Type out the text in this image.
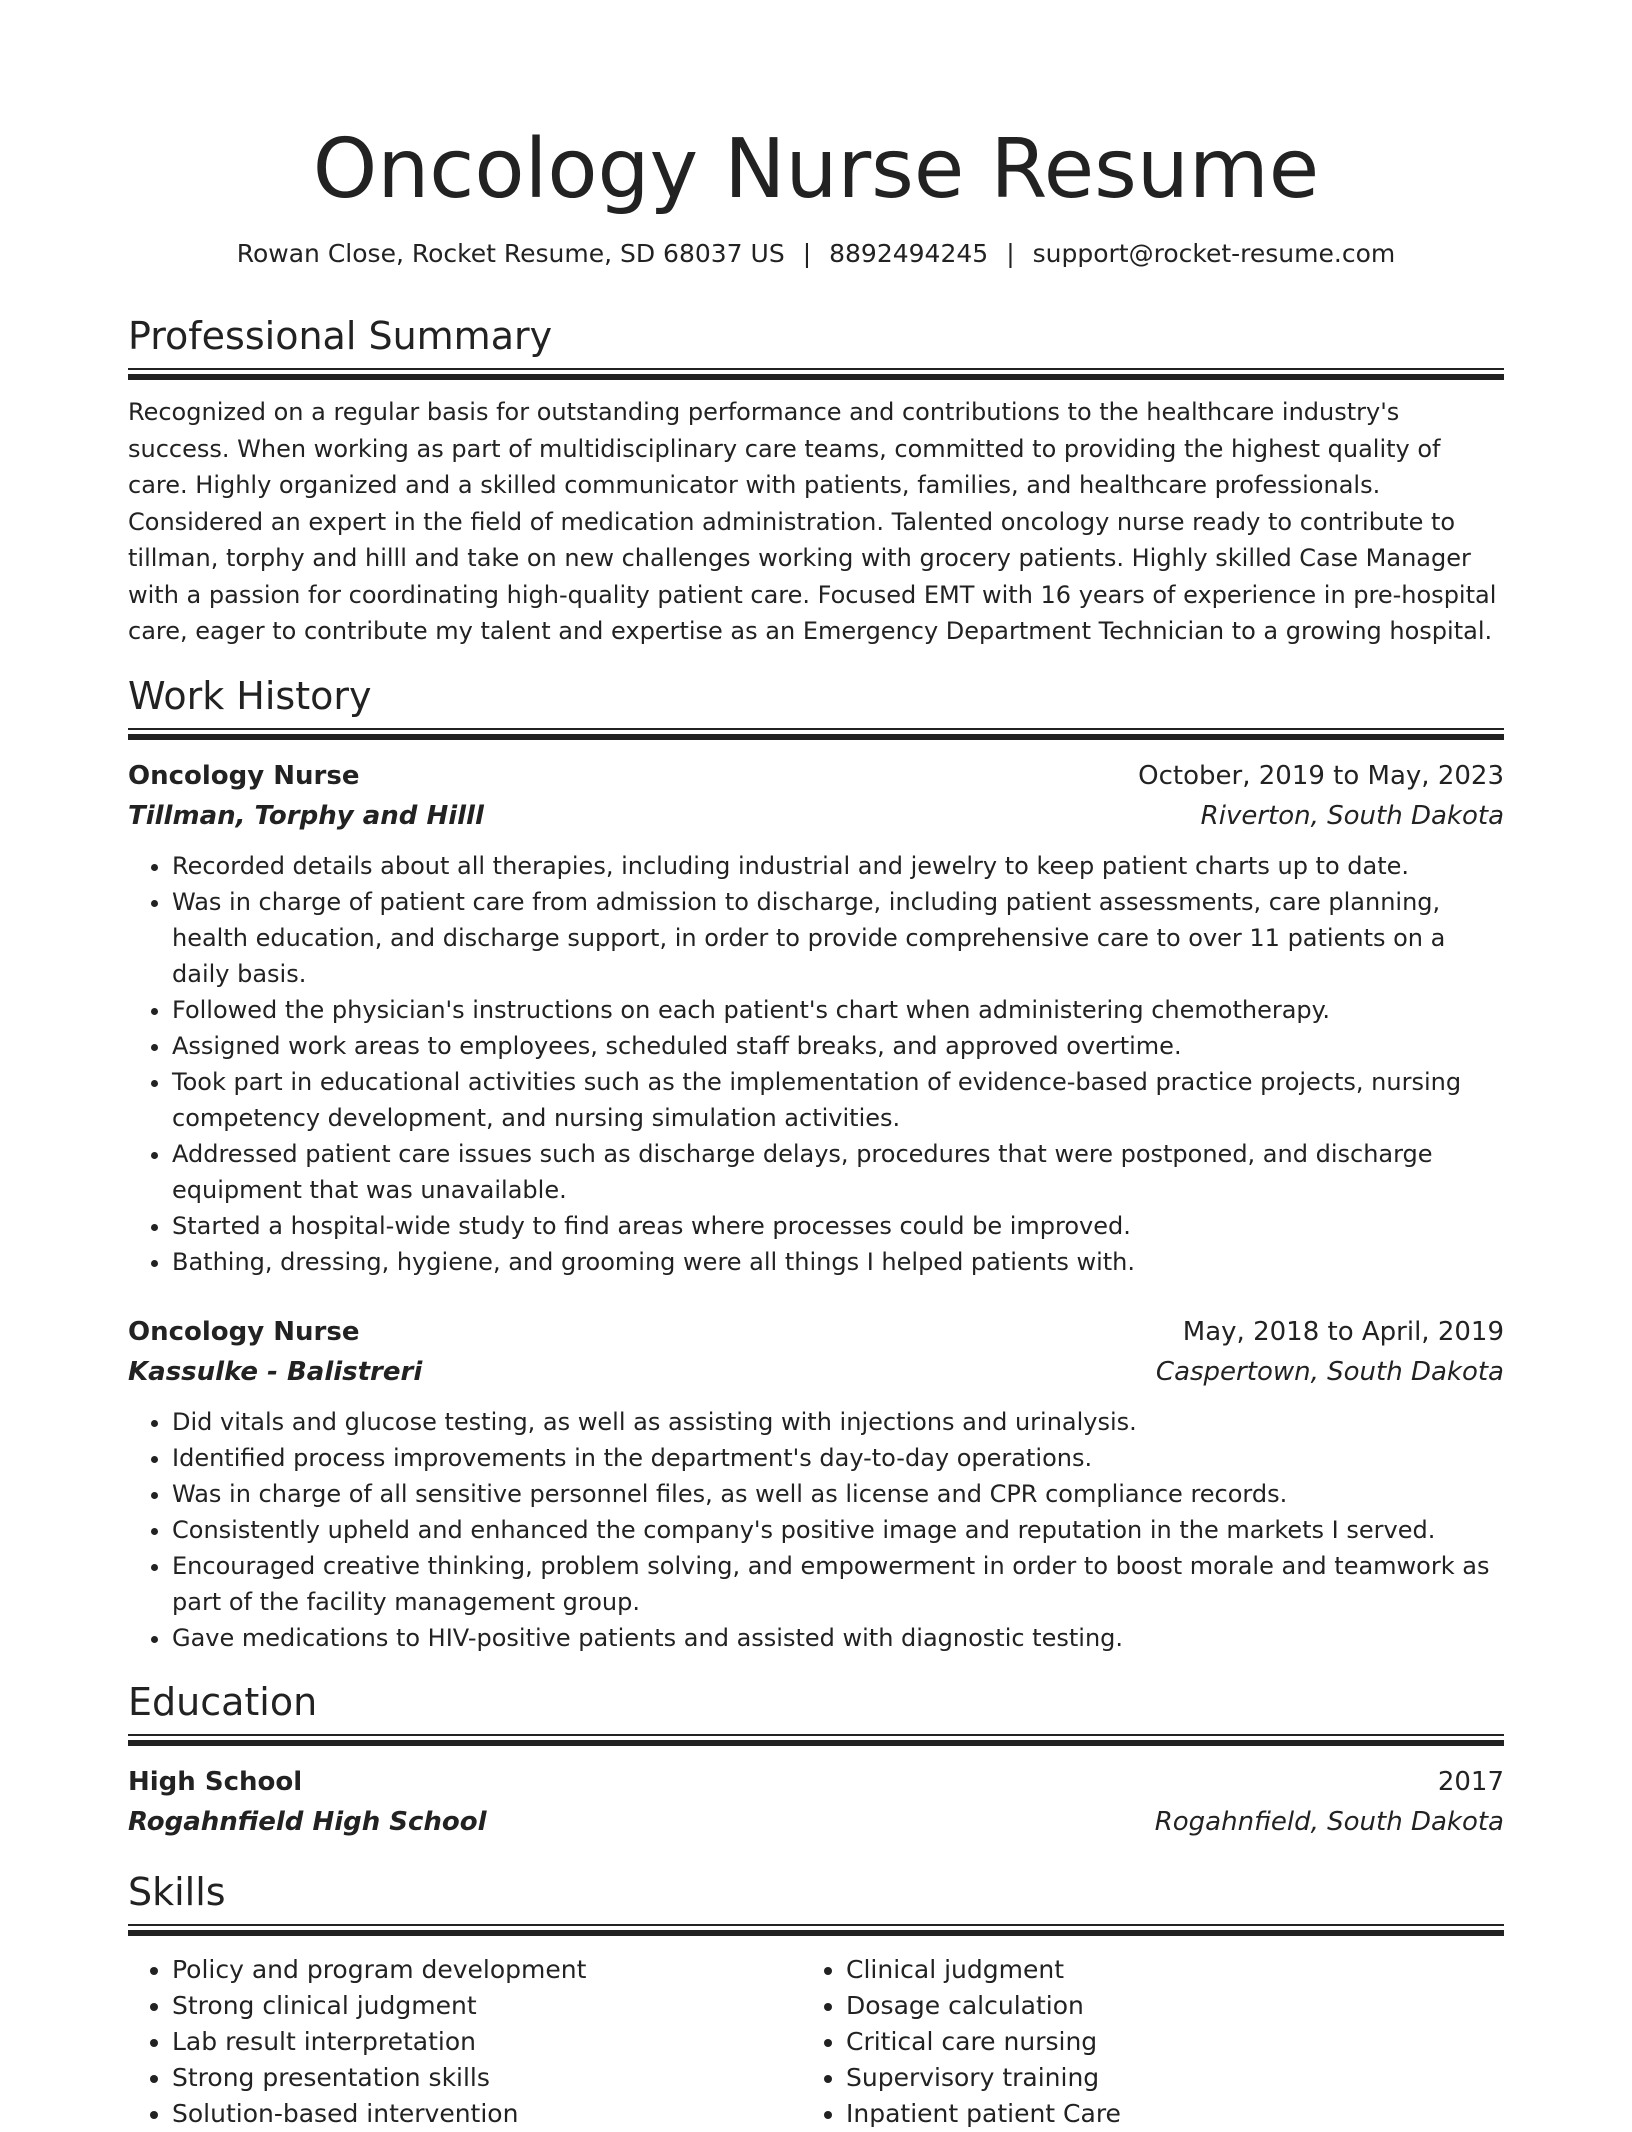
Oncology Nurse Resume
Rowan Close, Rocket Resume, SD 68037 US | 8892494245 | support@rocket-resume.com
Professional Summary
Recognized on a regular basis for outstanding performance and contributions to the healthcare industry's success. When working as part of multidisciplinary care teams, committed to providing the highest quality of care. Highly organized and a skilled communicator with patients, families, and healthcare professionals. Considered an expert in the field of medication administration. Talented oncology nurse ready to contribute to tillman, torphy and hilll and take on new challenges working with grocery patients. Highly skilled Case Manager with a passion for coordinating high-quality patient care. Focused EMT with 16 years of experience in pre-hospital care, eager to contribute my talent and expertise as an Emergency Department Technician to a growing hospital.
Work History
Oncology Nurse	October, 2019 to May, 2023
Tillman, Torphy and Hilll	Riverton, South Dakota
• Recorded details about all therapies, including industrial and jewelry to keep patient charts up to date.
• Was in charge of patient care from admission to discharge, including patient assessments, care planning, health education, and discharge support, in order to provide comprehensive care to over 11 patients on a daily basis.
• Followed the physician's instructions on each patient's chart when administering chemotherapy.
• Assigned work areas to employees, scheduled staff breaks, and approved overtime.
• Took part in educational activities such as the implementation of evidence-based practice projects, nursing competency development, and nursing simulation activities.
• Addressed patient care issues such as discharge delays, procedures that were postponed, and discharge equipment that was unavailable.
• Started a hospital-wide study to find areas where processes could be improved.
• Bathing, dressing, hygiene, and grooming were all things I helped patients with.
Oncology Nurse	May, 2018 to April, 2019
Kassulke - Balistreri	Caspertown, South Dakota
• Did vitals and glucose testing, as well as assisting with injections and urinalysis.
• Identified process improvements in the department's day-to-day operations.
• Was in charge of all sensitive personnel files, as well as license and CPR compliance records.
• Consistently upheld and enhanced the company's positive image and reputation in the markets I served.
• Encouraged creative thinking, problem solving, and empowerment in order to boost morale and teamwork as part of the facility management group.
• Gave medications to HIV-positive patients and assisted with diagnostic testing.
Education
High School	2017
Rogahnfield High School	Rogahnfield, South Dakota
Skills
• Policy and program development
• Strong clinical judgment
• Lab result interpretation
• Strong presentation skills
• Solution-based intervention
• Clinical judgment
• Dosage calculation
• Critical care nursing
• Supervisory training
• Inpatient patient Care
